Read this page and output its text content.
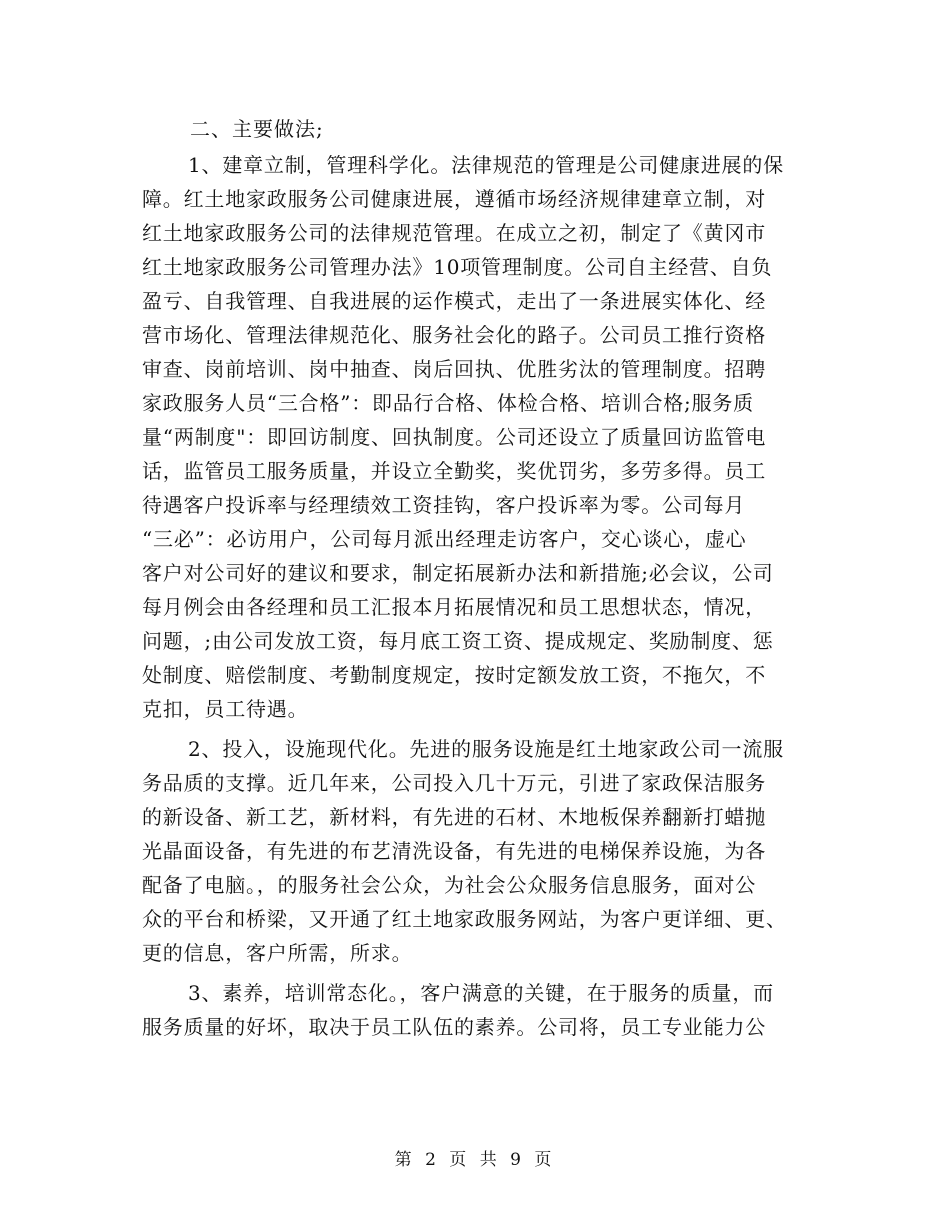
二、主要做法;
1、建章立制，管理科学化。法律规范的管理是公司健康进展的保
障。红土地家政服务公司健康进展，遵循市场经济规律建章立制，对
红土地家政服务公司的法律规范管理。在成立之初，制定了《黄冈市
红土地家政服务公司管理办法》10项管理制度。公司自主经营、自负
盈亏、自我管理、自我进展的运作模式，走出了一条进展实体化、经
营市场化、管理法律规范化、服务社会化的路子。公司员工推行资格
审查、岗前培训、岗中抽查、岗后回执、优胜劣汰的管理制度。招聘
家政服务人员“三合格”：即品行合格、体检合格、培训合格;服务质
量“两制度"：即回访制度、回执制度。公司还设立了质量回访监管电
话，监管员工服务质量，并设立全勤奖，奖优罚劣，多劳多得。员工
待遇客户投诉率与经理绩效工资挂钩，客户投诉率为零。公司每月
“三必”：必访用户，公司每月派出经理走访客户，交心谈心，虚心
客户对公司好的建议和要求，制定拓展新办法和新措施;必会议，公司
每月例会由各经理和员工汇报本月拓展情况和员工思想状态，情况，
问题，;由公司发放工资，每月底工资工资、提成规定、奖励制度、惩
处制度、赔偿制度、考勤制度规定，按时定额发放工资，不拖欠，不
克扣，员工待遇。
2、投入，设施现代化。先进的服务设施是红土地家政公司一流服
务品质的支撑。近几年来，公司投入几十万元，引进了家政保洁服务
的新设备、新工艺，新材料，有先进的石材、木地板保养翻新打蜡抛
光晶面设备，有先进的布艺清洗设备，有先进的电梯保养设施，为各
配备了电脑。，的服务社会公众，为社会公众服务信息服务，面对公
众的平台和桥梁，又开通了红土地家政服务网站，为客户更详细、更、
更的信息，客户所需，所求。
3、素养，培训常态化。，客户满意的关键，在于服务的质量，而
服务质量的好坏，取决于员工队伍的素养。公司将，员工专业能力公
第 2 页 共 9 页
